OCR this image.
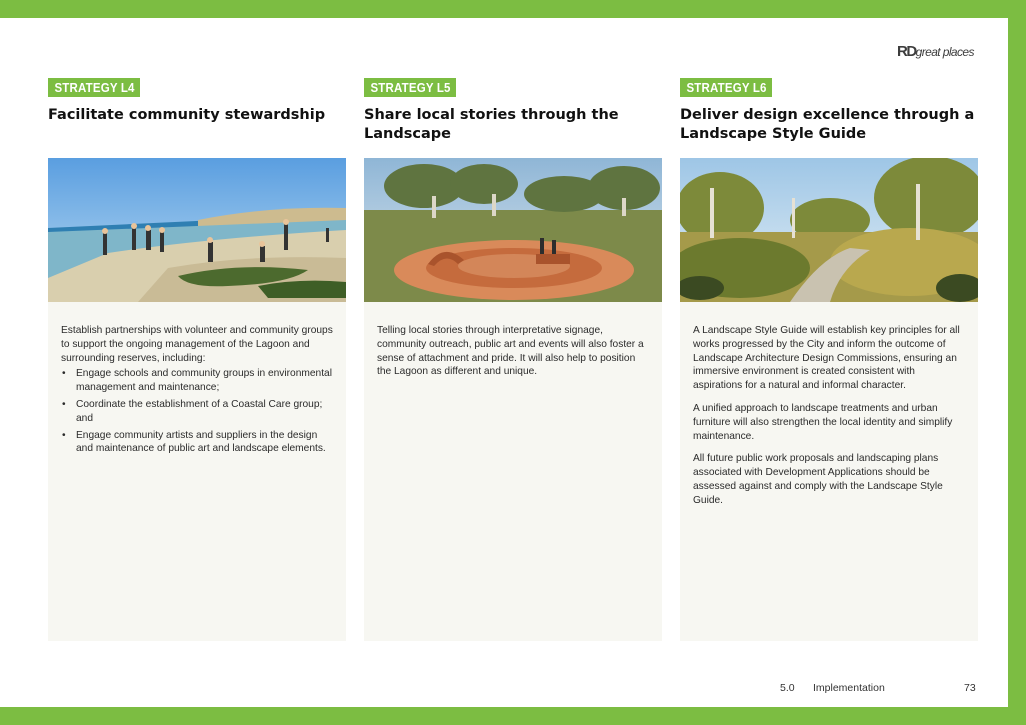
RDgreat places
STRATEGY L4
Facilitate community stewardship

Establish partnerships with volunteer and community groups to support the ongoing management of the Lagoon and surrounding reserves, including:

• Engage schools and community groups in environmental management and maintenance;
• Coordinate the establishment of a Coastal Care group; and
• Engage community artists and suppliers in the design and maintenance of public art and landscape elements.
STRATEGY L5
Share local stories through the Landscape

Telling local stories through interpretative signage, community outreach, public art and events will also foster a sense of attachment and pride. It will also help to position the Lagoon as different and unique.

STRATEGY L6
Deliver design excellence through a Landscape Style Guide

A Landscape Style Guide will establish key principles for all works progressed by the City and inform the outcome of Landscape Architecture Design Commissions, ensuring an immersive environment is created consistent with aspirations for a natural and informal character.

A unified approach to landscape treatments and urban furniture will also strengthen the local identity and simplify maintenance.

All future public work proposals and landscaping plans associated with Development Applications should be assessed against and comply with the Landscape Style Guide.

5.0 Implementation	73
